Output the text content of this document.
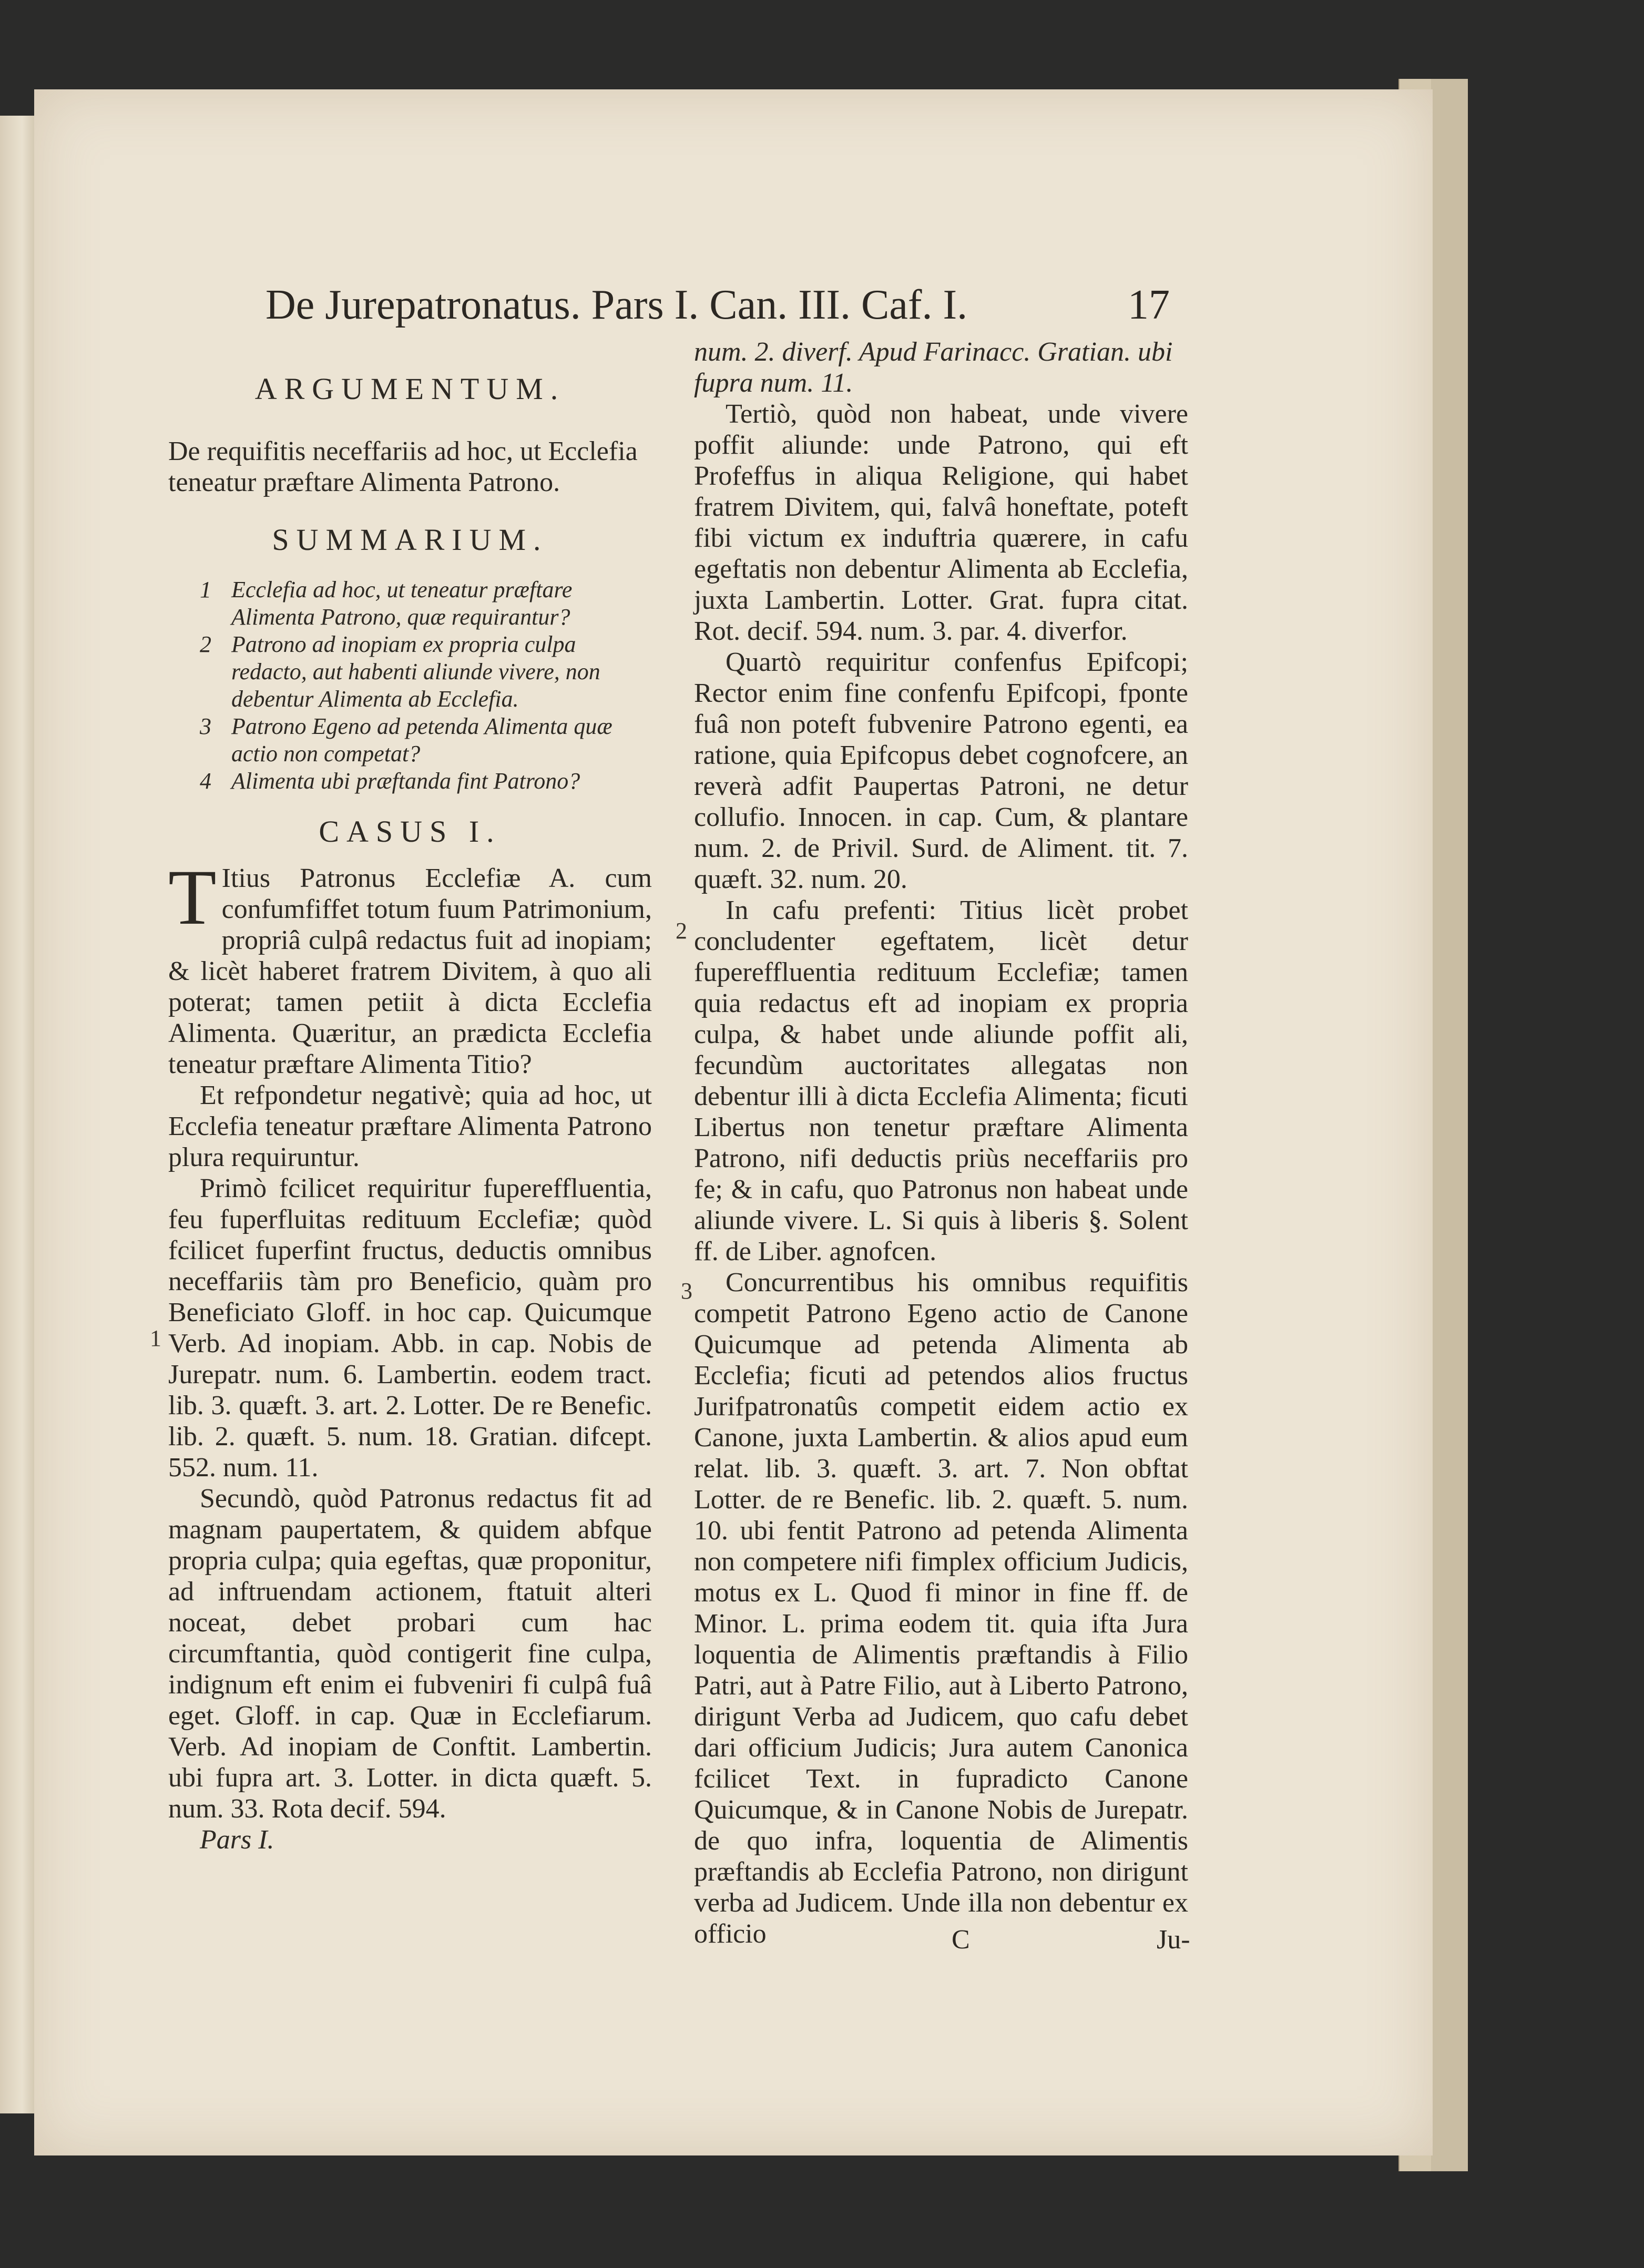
De Jurepatronatus. Pars I. Can. III. Caf. I.	17

ARGUMENTUM.

De requifitis neceffariis ad hoc, ut Ecclefia teneatur præftare Alimenta Patrono.

SUMMARIUM.

1 Ecclefia ad hoc, ut teneatur præftare Alimenta Patrono, quæ requirantur?
2 Patrono ad inopiam ex propria culpa redacto, aut habenti aliunde vivere, non debentur Alimenta ab Ecclefia.
3 Patrono Egeno ad petenda Alimenta quæ actio non competat?
4 Alimenta ubi præftanda fint Patrono?

CASUS I.

T Itius Patronus Ecclefiæ A. cum confumfiffet totum fuum Patrimonium, propriâ culpâ redactus fuit ad inopiam; & licèt haberet fratrem Divitem, à quo ali poterat; tamen petiit à dicta Ecclefia Alimenta. Quæritur, an prædicta Ecclefia teneatur præftare Alimenta Titio?

Et refpondetur negativè; quia ad hoc, ut Ecclefia teneatur præftare Alimenta Patrono plura requiruntur.

Primò fcilicet requiritur fupereffluentia, feu fuperfluitas redituum Ecclefiæ; quòd fcilicet fuperfint fructus, deductis omnibus neceffariis tàm pro Beneficio, quàm pro Beneficiato Gloff. in hoc cap. Quicumque Verb. Ad inopiam. Abb. in cap. Nobis de Jurepatr. num. 6. Lambertin. eodem tract. lib. 3. quæft. 3. art. 2. Lotter. De re Benefic. lib. 2. quæft. 5. num. 18. Gratian. difcept. 552. num. 11.

Secundò, quòd Patronus redactus fit ad magnam paupertatem, & quidem abfque propria culpa; quia egeftas, quæ proponitur, ad inftruendam actionem, ftatuit alteri noceat, debet probari cum hac circumftantia, quòd contigerit fine culpa, indignum eft enim ei fubveniri fi culpâ fuâ eget. Gloff. in cap. Quæ in Ecclefiarum. Verb. Ad inopiam de Conftit. Lambertin. ubi fupra art. 3. Lotter. in dicta quæft. 5. num. 33. Rota decif. 594.

Pars I.

num. 2. diverf. Apud Farinacc. Gratian. ubi fupra num. 11.

Tertiò, quòd non habeat, unde vivere poffit aliunde: unde Patrono, qui eft Profeffus in aliqua Religione, qui habet fratrem Divitem, qui, falvâ honeftate, poteft fibi victum ex induftria quærere, in cafu egeftatis non debentur Alimenta ab Ecclefia, juxta Lambertin. Lotter. Grat. fupra citat. Rot. decif. 594. num. 3. par. 4. diverfor.

Quartò requiritur confenfus Epifcopi; Rector enim fine confenfu Epifcopi, fponte fuâ non poteft fubvenire Patrono egenti, ea ratione, quia Epifcopus debet cognofcere, an reverà adfit Paupertas Patroni, ne detur collufio. Innocen. in cap. Cum, & plantare num. 2. de Privil. Surd. de Aliment. tit. 7. quæft. 32. num. 20.

In cafu prefenti: Titius licèt probet concludenter egeftatem, licèt detur fupereffluentia redituum Ecclefiæ; tamen quia redactus eft ad inopiam ex propria culpa, & habet unde aliunde poffit ali, fecundùm auctoritates allegatas non debentur illi à dicta Ecclefia Alimenta; ficuti Libertus non tenetur præftare Alimenta Patrono, nifi deductis priùs neceffariis pro fe; & in cafu, quo Patronus non habeat unde aliunde vivere. L. Si quis à liberis §. Solent ff. de Liber. agnofcen.

Concurrentibus his omnibus requifitis competit Patrono Egeno actio de Canone Quicumque ad petenda Alimenta ab Ecclefia; ficuti ad petendos alios fructus Jurifpatronatûs competit eidem actio ex Canone, juxta Lambertin. & alios apud eum relat. lib. 3. quæft. 3. art. 7. Non obftat Lotter. de re Benefic. lib. 2. quæft. 5. num. 10. ubi fentit Patrono ad petenda Alimenta non competere nifi fimplex officium Judicis, motus ex L. Quod fi minor in fine ff. de Minor. L. prima eodem tit. quia ifta Jura loquentia de Alimentis præftandis à Filio Patri, aut à Patre Filio, aut à Liberto Patrono, dirigunt Verba ad Judicem, quo cafu debet dari officium Judicis; Jura autem Canonica fcilicet Text. in fupradicto Canone Quicumque, & in Canone Nobis de Jurepatr. de quo infra, loquentia de Alimentis præftandis ab Ecclefia Patrono, non dirigunt verba ad Judicem. Unde illa non debentur ex officio	C	Ju-
1
2
3
